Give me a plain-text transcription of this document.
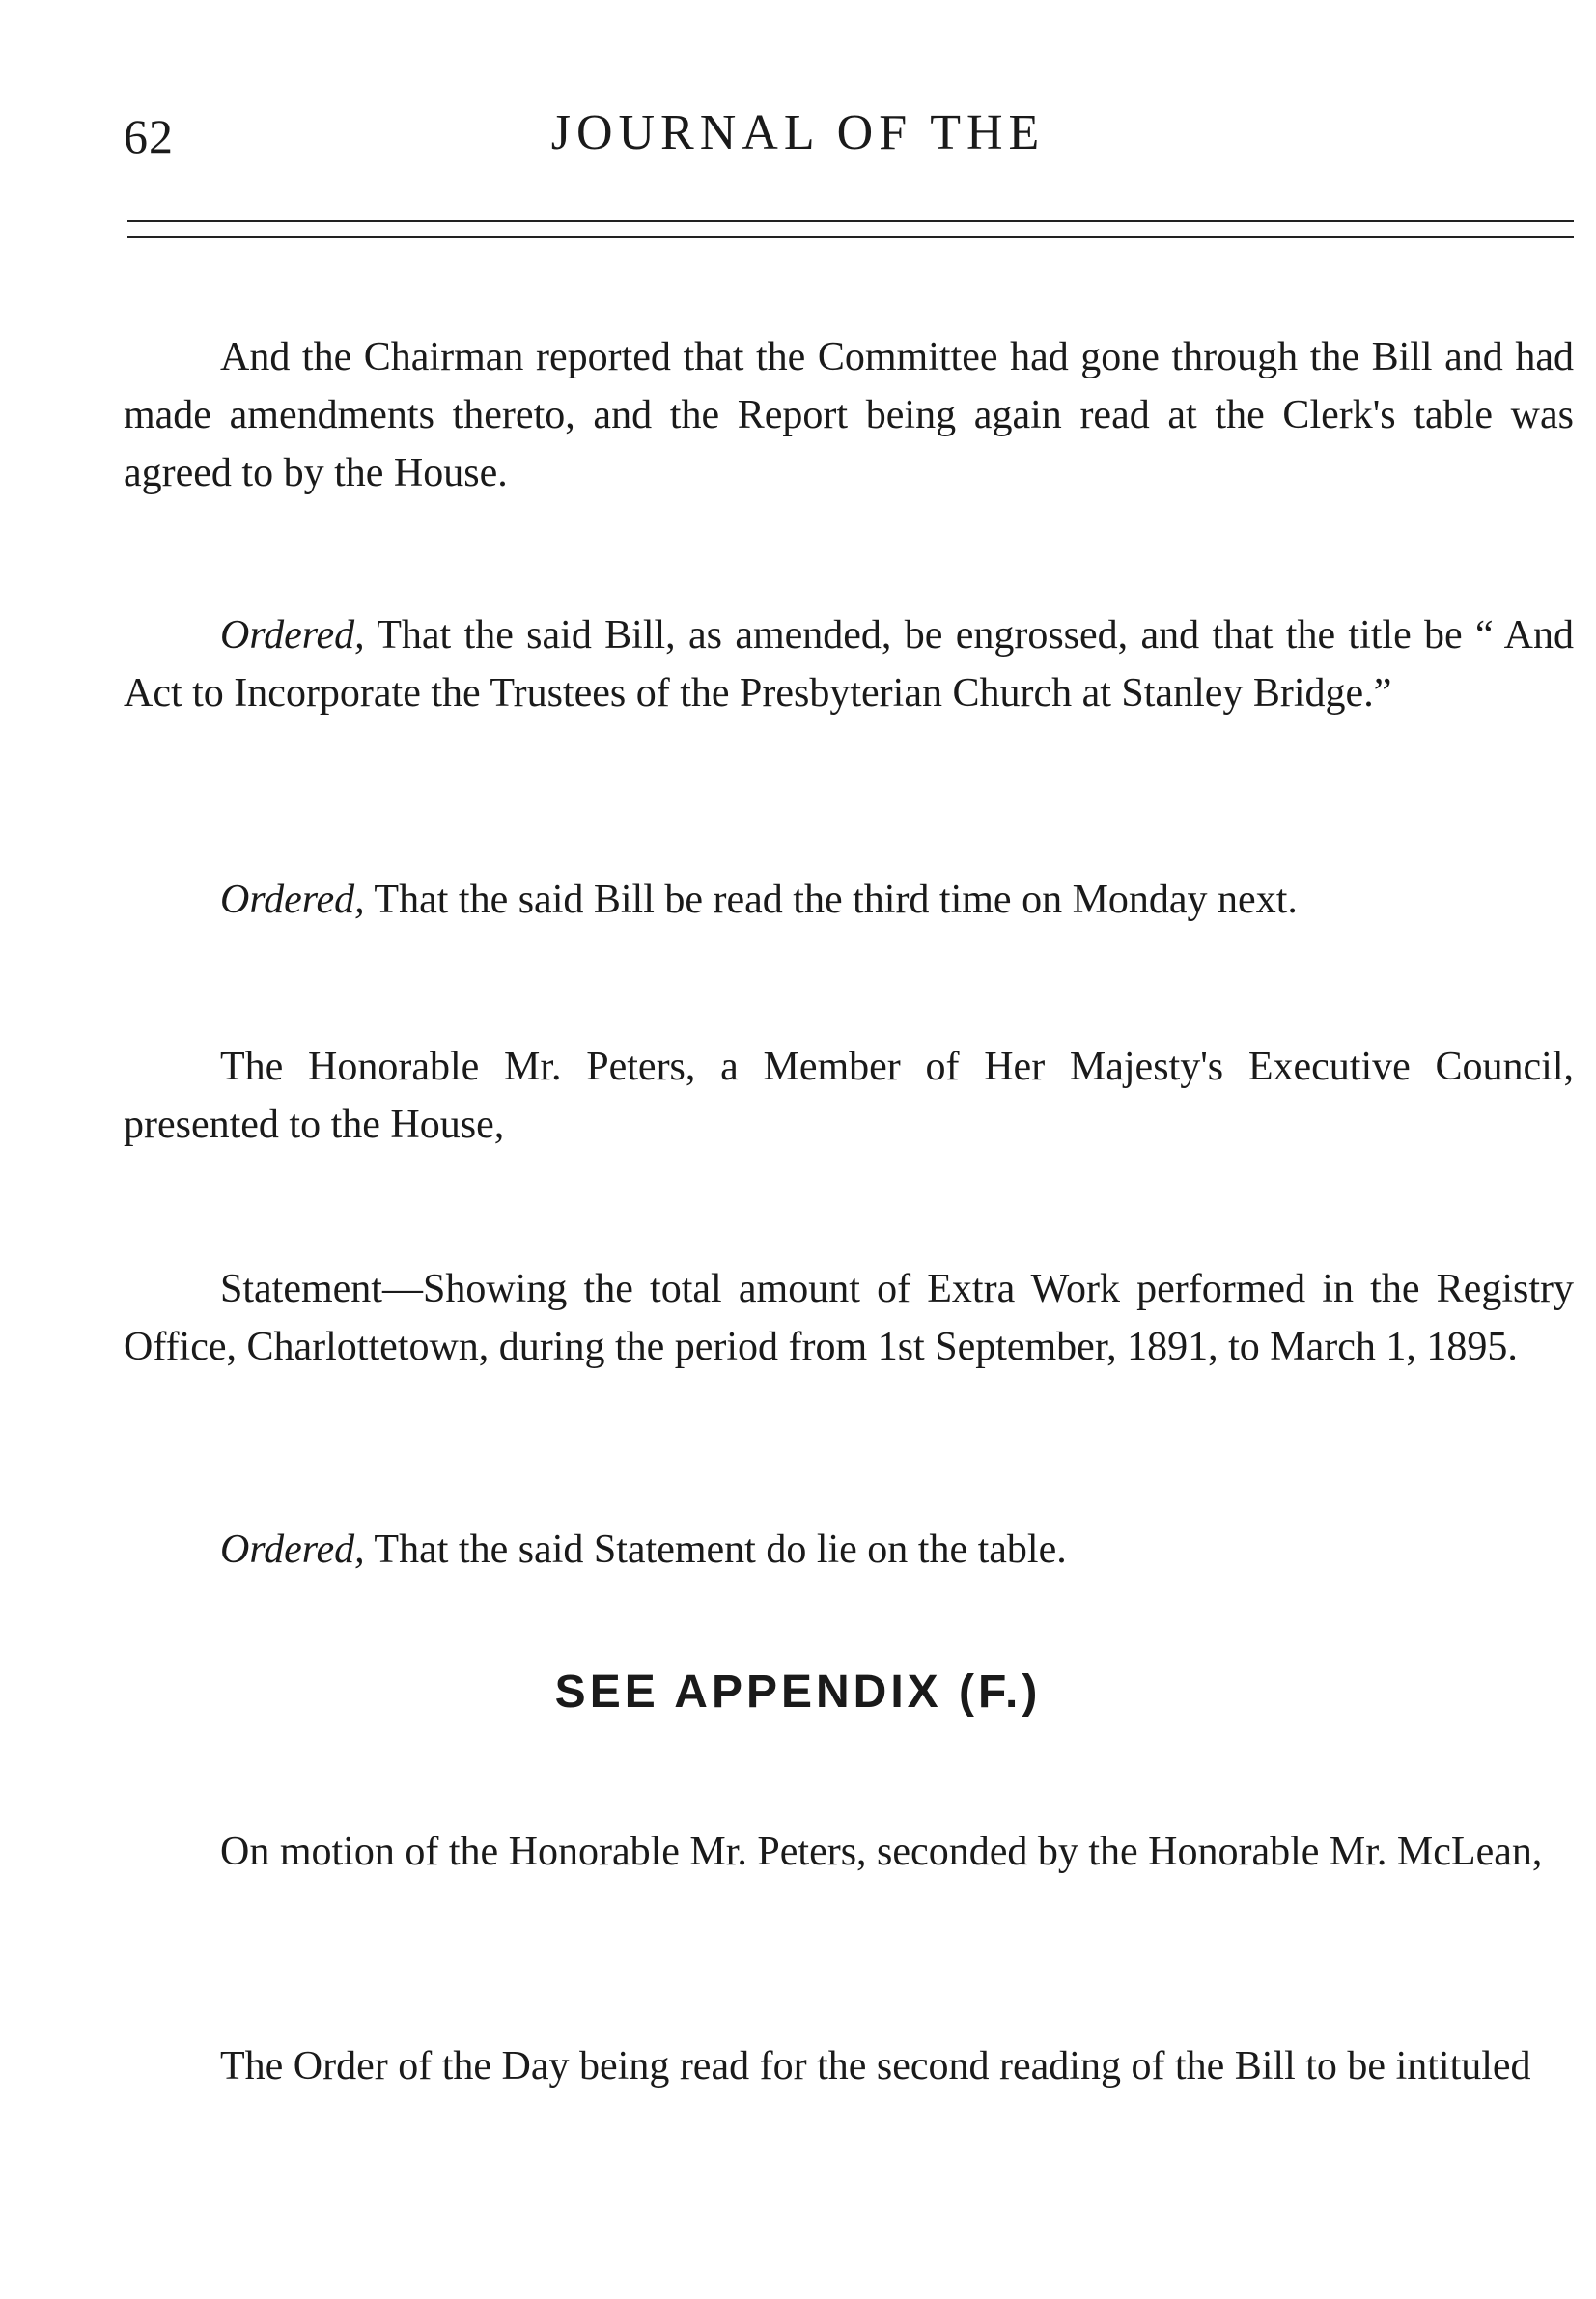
62	JOURNAL OF THE

And the Chairman reported that the Committee had gone through the Bill and had made amendments thereto, and the Report being again read at the Clerk's table was agreed to by the House.

Ordered, That the said Bill, as amended, be engrossed, and that the title be “ And Act to Incorporate the Trustees of the Presbyterian Church at Stanley Bridge.”

Ordered, That the said Bill be read the third time on Monday next.

The Honorable Mr. Peters, a Member of Her Majesty's Executive Council, presented to the House,

Statement—Showing the total amount of Extra Work performed in the Registry Office, Charlottetown, during the period from 1st September, 1891, to March 1, 1895.

Ordered, That the said Statement do lie on the table.

SEE APPENDIX (F.)

On motion of the Honorable Mr. Peters, seconded by the Honorable Mr. McLean,

The Order of the Day being read for the second reading of the Bill to be intituled
